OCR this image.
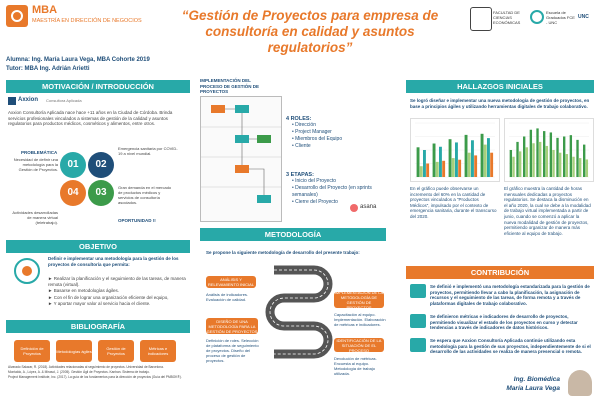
MBA
MAESTRÍA EN DIRECCIÓN DE NEGOCIOS	“Gestión de Proyectos para empresa de consultoría en calidad y asuntos regulatorios”
FACULTAD DE CIENCIAS ECONÓMICAS
Escuela de Graduados FCE - UNC
UNC
Alumna: Ing. María Laura Vega, MBA Cohorte 2019
Tutor: MBA Ing. Adrián Arietti
MOTIVACIÓN / INTRODUCCIÓN
Axxion Consultora Aplicada
Axxion Consultoría Aplicada nace hace +11 años en la Ciudad de Córdoba. Brinda servicios profesionales vinculados a sistemas de gestión de la calidad y asuntos regulatorios para productos médicos, cosméticos y alimentos, entre otros.
PROBLEMÁTICA
Necesidad de definir una metodología para la Gestión de Proyectos. 01	02
Emergencia sanitaria por COVID-19 a nivel mundial.
04	03	Gran demanda en el mercado de productos médicos y servicios de consultoría asociados.
Actividades desarrolladas de manera virtual (teletrabajo).	OPORTUNIDAD !!
OBJETIVO
Definir e implementar una metodología para la gestión de los proyectos de consultoría que permita:
► Realizar la planificación y el seguimiento de las tareas, de manera remota (virtual).
► Basarse en metodologías ágiles.
► Con el fin de lograr una organización eficiente del equipo,
► Y aportar mayor valor al servicio hacia el cliente.
BIBLIOGRAFÍA
Definición de Proyectos	Metodologías ágiles	Gestión de Proyectos
Métricas e indicadores
Alvarado Salazar, R. (2018). Actividades relacionadas al seguimiento de proyectos. Universidad de Barcelona.
Montaldo, A., López, A. & Mirasol, J. (2005). Gestión Ágil de Proyectos. Kanban. Sistema de trabajo.
Project Management Institute, Inc. (2017). La guía de los fundamentos para la dirección de proyectos (Guía del PMBOK®).
IMPLEMENTACIÓN DEL PROCESO DE GESTIÓN DE PROYECTOS
4 ROLES:
• Dirección
• Project Manager
• Miembros del Equipo
• Cliente
3 ETAPAS:
• Inicio del Proyecto
• Desarrollo del Proyecto (en sprints semanales)
• Cierre del Proyecto
asana
METODOLOGÍA
Se propone la siguiente metodología de desarrollo del presente trabajo:
ANÁLISIS Y RELEVAMIENTO INICIAL
Análisis de indicadores. Evaluación de calidad.
DISEÑO DE UNA METODOLOGÍA PARA LA GESTIÓN DE PROYECTOS
Definición de roles. Selección de plataforma de seguimiento de proyectos. Diseño del proceso de gestión de proyectos.
IMPLEMENTACIÓN DE LA METODOLOGÍA DE GESTIÓN DE PROYECTOS
Capacitación al equipo. Implementación. Elaboración de métricas e indicadores.
IDENTIFICACIÓN DE LA SITUACIÓN DE EL PROCESO
Devolución de métricas. Encuesta al equipo. Metodología de trabajo utilizada.
HALLAZGOS INICIALES
Se logró diseñar e implementar una nueva metodología de gestión de proyectos, en base a principios ágiles y utilizando herramientas digitales de trabajo colaborativo.
En el gráfico puede observarse un incremento del 60% en la cantidad de proyectos vinculados a “Productos Médicos”, impulsado por el contexto de emergencia sanitaria, durante el transcurso del 2020.
El gráfico muestra la cantidad de horas mensuales dedicadas a proyectos regulatorios. Se destaca la disminución en el año 2020, la cual se debe a la modalidad de trabajo virtual implementada a partir de junio, cuando se comenzó a aplicar la nueva modalidad de gestión de proyectos, permitiendo organizar de manera más eficiente al equipo de trabajo.
CONTRIBUCIÓN
Se definió e implementó una metodología estandarizada para la gestión de proyectos, permitiendo llevar a cabo la planificación, la asignación de recursos y el seguimiento de las tareas, de forma remota y a través de plataformas digitales de trabajo colaborativo.
Se definieron métricas e indicadores de desarrollo de proyectos, permitiendo visualizar el estado de los proyectos en curso y detectar tendencias a través de indicadores de datos históricos.
Se espera que Axxion Consultoría Aplicada continúe utilizando esta metodología para la gestión de sus proyectos, independientemente de si el desarrollo de las actividades se realiza de manera presencial o remota.
Ing. Biomédica
María Laura Vega
